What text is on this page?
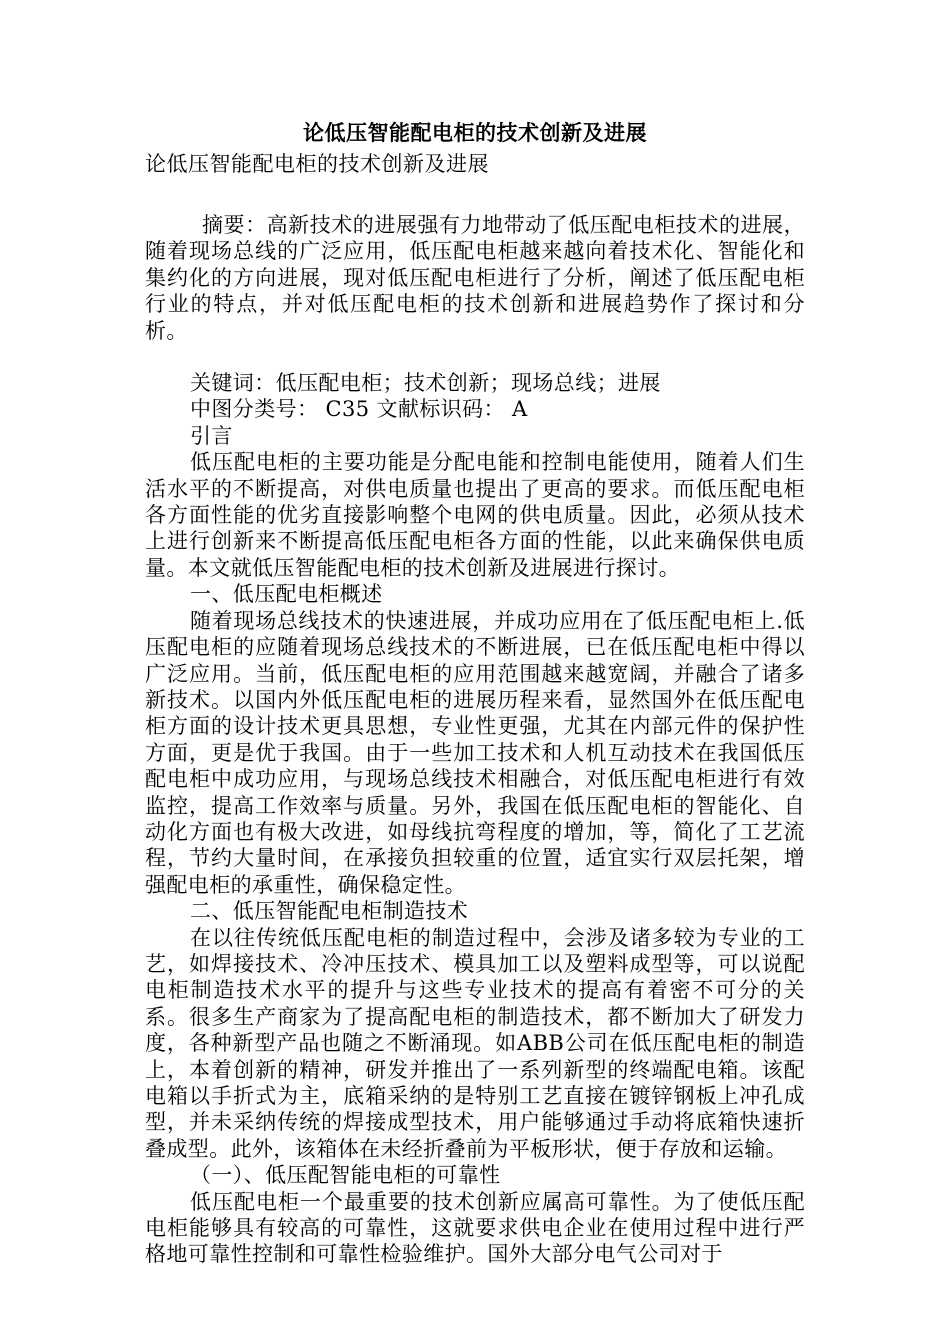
论低压智能配电柜的技术创新及进展
论低压智能配电柜的技术创新及进展

摘要：高新技术的进展强有力地带动了低压配电柜技术的进展，随着现场总线的广泛应用，低压配电柜越来越向着技术化、智能化和集约化的方向进展，现对低压配电柜进行了分析，阐述了低压配电柜行业的特点，并对低压配电柜的技术创新和进展趋势作了探讨和分析。

关键词：低压配电柜；技术创新；现场总线；进展
中图分类号： C35 文献标识码： A
引言

低压配电柜的主要功能是分配电能和控制电能使用，随着人们生活水平的不断提高，对供电质量也提出了更高的要求。而低压配电柜各方面性能的优劣直接影响整个电网的供电质量。因此，必须从技术上进行创新来不断提高低压配电柜各方面的性能，以此来确保供电质量。本文就低压智能配电柜的技术创新及进展进行探讨。

一、低压配电柜概述

随着现场总线技术的快速进展，并成功应用在了低压配电柜上.低压配电柜的应随着现场总线技术的不断进展，已在低压配电柜中得以广泛应用。当前，低压配电柜的应用范围越来越宽阔，并融合了诸多新技术。以国内外低压配电柜的进展历程来看，显然国外在低压配电柜方面的设计技术更具思想，专业性更强，尤其在内部元件的保护性方面，更是优于我国。由于一些加工技术和人机互动技术在我国低压配电柜中成功应用，与现场总线技术相融合，对低压配电柜进行有效监控，提高工作效率与质量。另外，我国在低压配电柜的智能化、自动化方面也有极大改进，如母线抗弯程度的增加，等，简化了工艺流程，节约大量时间，在承接负担较重的位置，适宜实行双层托架，增强配电柜的承重性，确保稳定性。

二、低压智能配电柜制造技术

在以往传统低压配电柜的制造过程中，会涉及诸多较为专业的工艺，如焊接技术、冷冲压技术、模具加工以及塑料成型等，可以说配电柜制造技术水平的提升与这些专业技术的提高有着密不可分的关系。很多生产商家为了提高配电柜的制造技术，都不断加大了研发力度，各种新型产品也随之不断涌现。如ABB公司在低压配电柜的制造上，本着创新的精神，研发并推出了一系列新型的终端配电箱。该配电箱以手折式为主，底箱采纳的是特别工艺直接在镀锌钢板上冲孔成型，并未采纳传统的焊接成型技术，用户能够通过手动将底箱快速折叠成型。此外，该箱体在未经折叠前为平板形状，便于存放和运输。

（一）、低压配智能电柜的可靠性

低压配电柜一个最重要的技术创新应属高可靠性。为了使低压配电柜能够具有较高的可靠性，这就要求供电企业在使用过程中进行严格地可靠性控制和可靠性检验维护。国外大部分电气公司对于
